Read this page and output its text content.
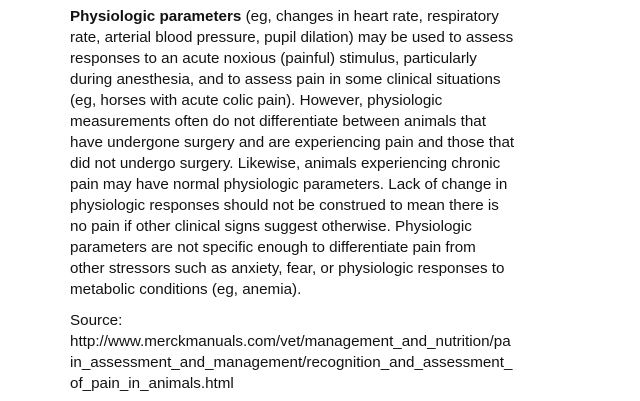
Physiologic parameters (eg, changes in heart rate, respiratory
rate, arterial blood pressure, pupil dilation) may be used to assess
responses to an acute noxious (painful) stimulus, particularly
during anesthesia, and to assess pain in some clinical situations
(eg, horses with acute colic pain). However, physiologic
measurements often do not differentiate between animals that
have undergone surgery and are experiencing pain and those that
did not undergo surgery. Likewise, animals experiencing chronic
pain may have normal physiologic parameters. Lack of change in
physiologic responses should not be construed to mean there is
no pain if other clinical signs suggest otherwise. Physiologic
parameters are not specific enough to differentiate pain from
other stressors such as anxiety, fear, or physiologic responses to
metabolic conditions (eg, anemia).

Source:
http://www.merckmanuals.com/vet/management_and_nutrition/pa
in_assessment_and_management/recognition_and_assessment_
of_pain_in_animals.html
